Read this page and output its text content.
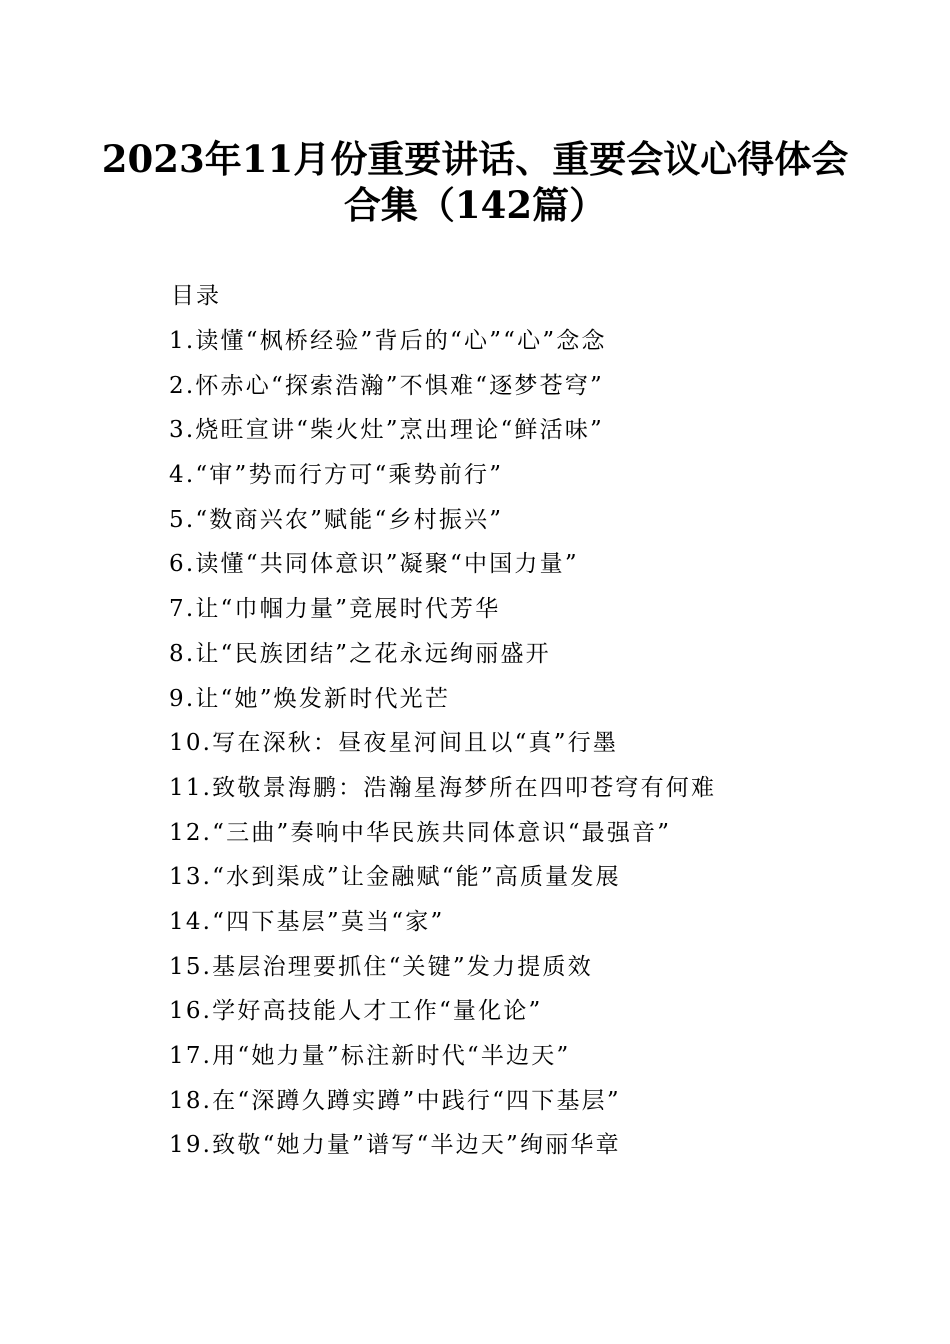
2023年11月份重要讲话、重要会议心得体会
合集（142篇）
目录
1.读懂“枫桥经验”背后的“心”“心”念念
2.怀赤心“探索浩瀚”不惧难“逐梦苍穹”
3.烧旺宣讲“柴火灶”烹出理论“鲜活味”
4.“审”势而行方可“乘势前行”
5.“数商兴农”赋能“乡村振兴”
6.读懂“共同体意识”凝聚“中国力量”
7.让“巾帼力量”竞展时代芳华
8.让“民族团结”之花永远绚丽盛开
9.让“她”焕发新时代光芒
10.写在深秋：昼夜星河间且以“真”行墨
11.致敬景海鹏：浩瀚星海梦所在四叩苍穹有何难
12.“三曲”奏响中华民族共同体意识“最强音”
13.“水到渠成”让金融赋“能”高质量发展
14.“四下基层”莫当“家”
15.基层治理要抓住“关键”发力提质效
16.学好高技能人才工作“量化论”
17.用“她力量”标注新时代“半边天”
18.在“深蹲久蹲实蹲”中践行“四下基层”
19.致敬“她力量”谱写“半边天”绚丽华章
